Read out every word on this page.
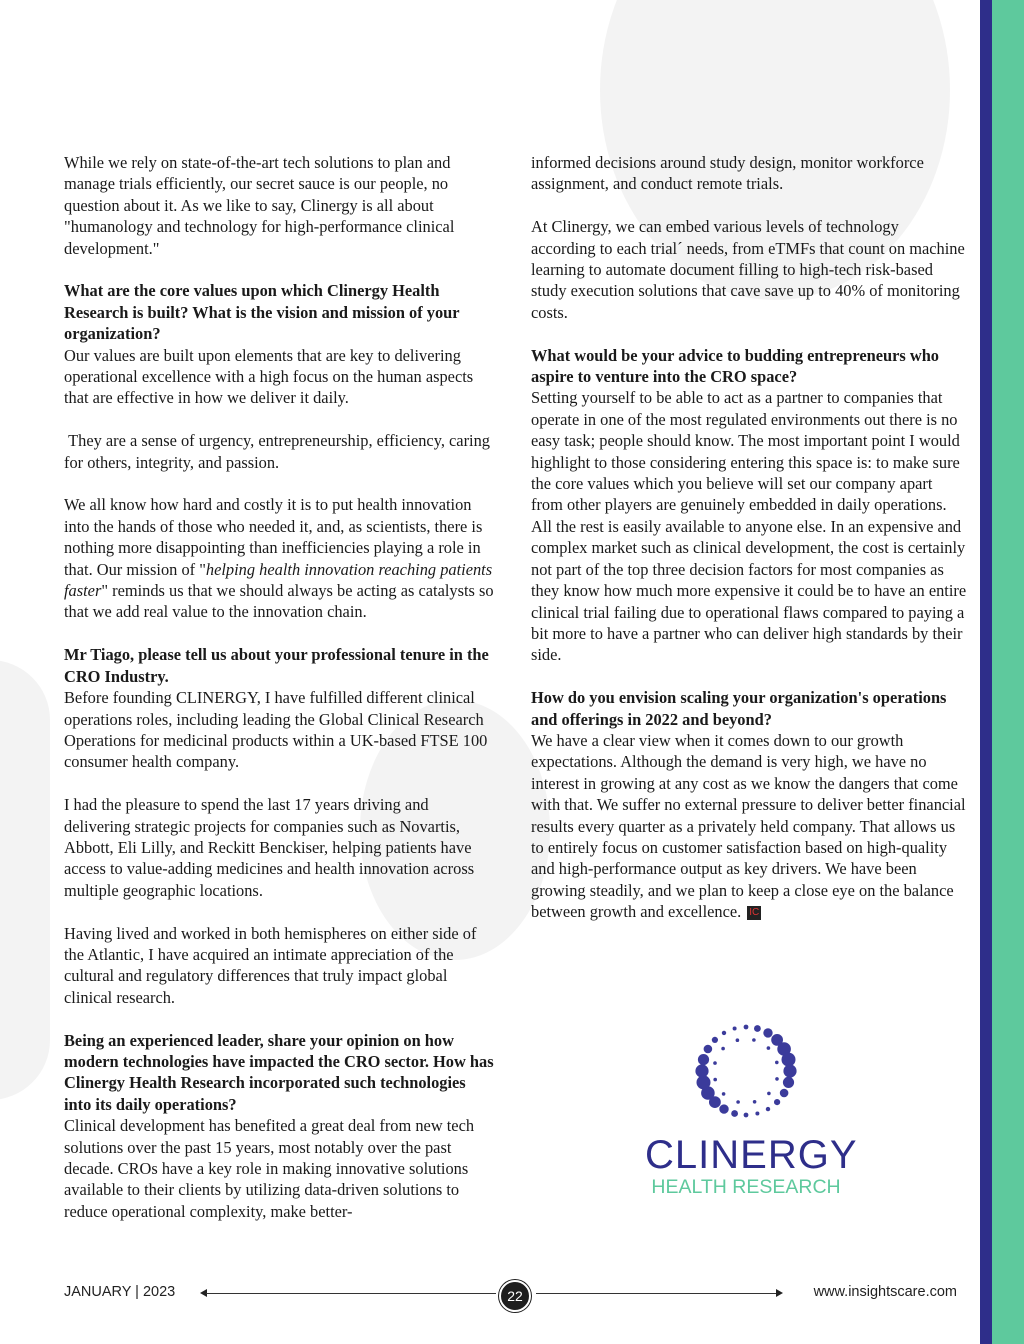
While we rely on state-of-the-art tech solutions to plan and manage trials efficiently, our secret sauce is our people, no question about it. As we like to say, Clinergy is all about "humanology and technology for high-performance clinical development."

What are the core values upon which Clinergy Health Research is built? What is the vision and mission of your organization?

Our values are built upon elements that are key to delivering operational excellence with a high focus on the human aspects that are effective in how we deliver it daily.

They are a sense of urgency, entrepreneurship, efficiency, caring for others, integrity, and passion.

We all know how hard and costly it is to put health innovation into the hands of those who needed it, and, as scientists, there is nothing more disappointing than inefficiencies playing a role in that. Our mission of "helping health innovation reaching patients faster" reminds us that we should always be acting as catalysts so that we add real value to the innovation chain.

Mr Tiago, please tell us about your professional tenure in the CRO Industry.

Before founding CLINERGY, I have fulfilled different clinical operations roles, including leading the Global Clinical Research Operations for medicinal products within a UK-based FTSE 100 consumer health company.

I had the pleasure to spend the last 17 years driving and delivering strategic projects for companies such as Novartis, Abbott, Eli Lilly, and Reckitt Benckiser, helping patients have access to value-adding medicines and health innovation across multiple geographic locations.

Having lived and worked in both hemispheres on either side of the Atlantic, I have acquired an intimate appreciation of the cultural and regulatory differences that truly impact global clinical research.

Being an experienced leader, share your opinion on how modern technologies have impacted the CRO sector. How has Clinergy Health Research incorporated such technologies into its daily operations?

Clinical development has benefited a great deal from new tech solutions over the past 15 years, most notably over the past decade. CROs have a key role in making innovative solutions available to their clients by utilizing data-driven solutions to reduce operational complexity, make better-

informed decisions around study design, monitor workforce assignment, and conduct remote trials.

At Clinergy, we can embed various levels of technology according to each trial´ needs, from eTMFs that count on machine learning to automate document filling to high-tech risk-based study execution solutions that cave save up to 40% of monitoring costs.

What would be your advice to budding entrepreneurs who aspire to venture into the CRO space?

Setting yourself to be able to act as a partner to companies that operate in one of the most regulated environments out there is no easy task; people should know. The most important point I would highlight to those considering entering this space is: to make sure the core values which you believe will set our company apart from other players are genuinely embedded in daily operations. All the rest is easily available to anyone else. In an expensive and complex market such as clinical development, the cost is certainly not part of the top three decision factors for most companies as they know how much more expensive it could be to have an entire clinical trial failing due to operational flaws compared to paying a bit more to have a partner who can deliver high standards by their side.

How do you envision scaling your organization's operations and offerings in 2022 and beyond?

We have a clear view when it comes down to our growth expectations. Although the demand is very high, we have no interest in growing at any cost as we know the dangers that come with that. We suffer no external pressure to deliver better financial results every quarter as a privately held company. That allows us to entirely focus on customer satisfaction based on high-quality and high-performance output as key drivers. We have been growing steadily, and we plan to keep a close eye on the balance between growth and excellence. IC

CLINERGY
HEALTH RESEARCH
JANUARY | 2023	22	www.insightscare.com
